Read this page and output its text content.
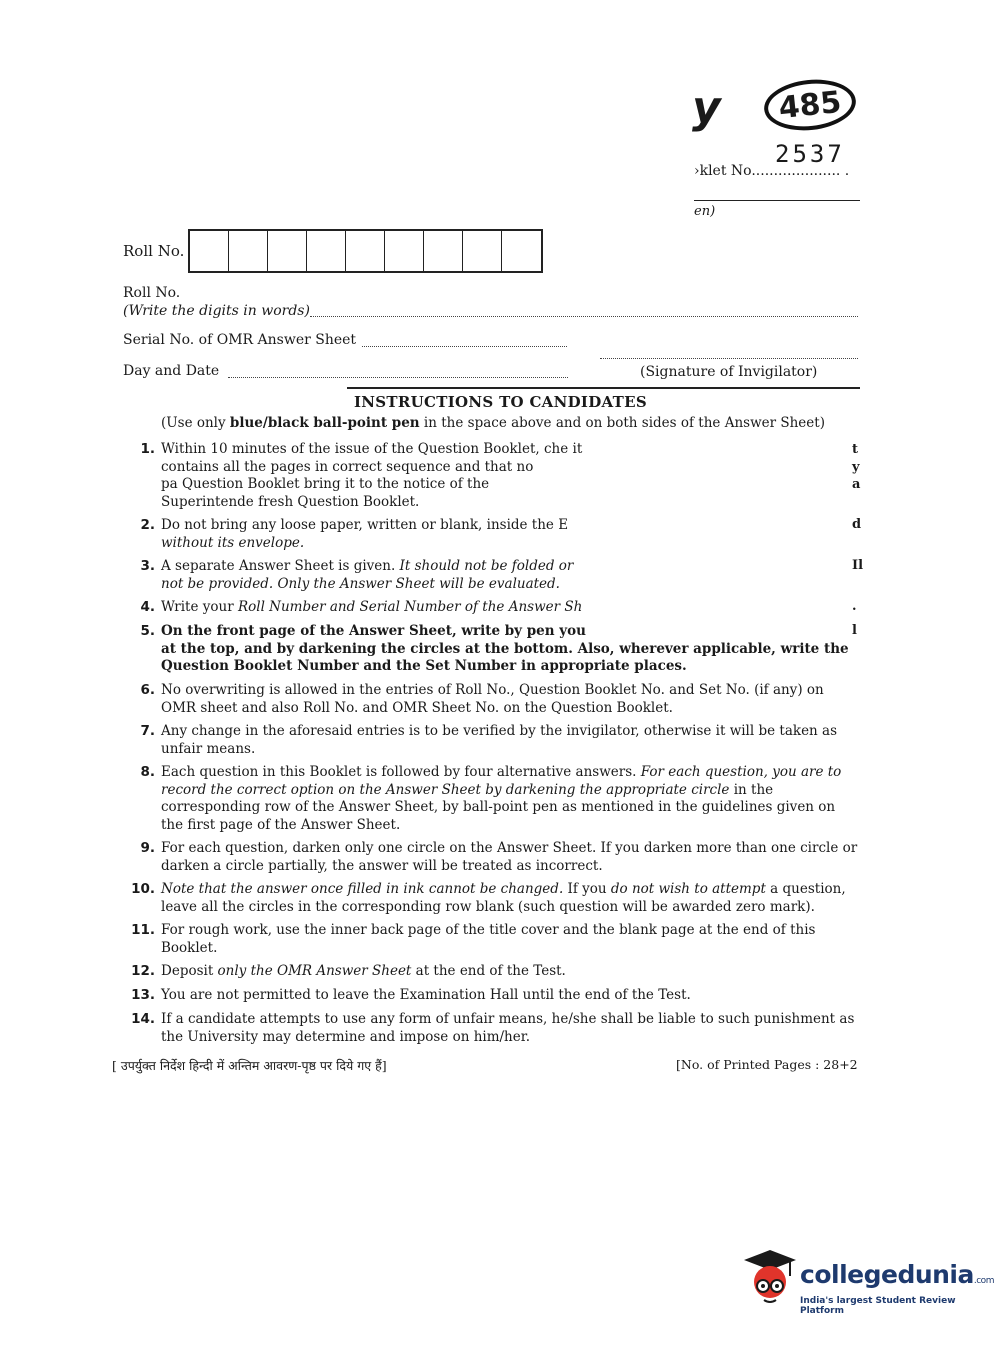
y	485
2537
›klet No.................... .
en)
Roll No.
Roll No.
(Write the digits in words)
Serial No. of OMR Answer Sheet
Day and Date	(Signature of Invigilator)
INSTRUCTIONS TO CANDIDATES
(Use only blue/black ball-point pen in the space above and on both sides of the Answer Sheet)
1. Within 10 minutes of the issue of the Question Booklet, che it contains all the pages in correct sequence and that no pa Question Booklet bring it to the notice of the Superintende fresh Question Booklet.
t
y
a
2. Do not bring any loose paper, written or blank, inside the E
without its envelope.
d
3. A separate Answer Sheet is given. It should not be folded or
not be provided. Only the Answer Sheet will be evaluated.
Il
4. Write your Roll Number and Serial Number of the Answer Sh	.
5. On the front page of the Answer Sheet, write by pen you
at the top, and by darkening the circles at the bottom. Also, wherever applicable, write the
Question Booklet Number and the Set Number in appropriate places.
l
6. No overwriting is allowed in the entries of Roll No., Question Booklet No. and Set No. (if any) on OMR sheet and also Roll No. and OMR Sheet No. on the Question Booklet.
7. Any change in the aforesaid entries is to be verified by the invigilator, otherwise it will be taken as unfair means.
8. Each question in this Booklet is followed by four alternative answers. For each question, you are to record the correct option on the Answer Sheet by darkening the appropriate circle in the corresponding row of the Answer Sheet, by ball-point pen as mentioned in the guidelines given on the first page of the Answer Sheet.
9. For each question, darken only one circle on the Answer Sheet. If you darken more than one circle or darken a circle partially, the answer will be treated as incorrect.
10. Note that the answer once filled in ink cannot be changed. If you do not wish to attempt a question, leave all the circles in the corresponding row blank (such question will be awarded zero mark).
11. For rough work, use the inner back page of the title cover and the blank page at the end of this Booklet.
12. Deposit only the OMR Answer Sheet at the end of the Test.
13. You are not permitted to leave the Examination Hall until the end of the Test.
14. If a candidate attempts to use any form of unfair means, he/she shall be liable to such punishment as the University may determine and impose on him/her.
[ उपर्युक्त निर्देश हिन्दी में अन्तिम आवरण-पृष्ठ पर दिये गए हैं]	[No. of Printed Pages : 28+2
collegedunia.com
India's largest Student Review Platform
